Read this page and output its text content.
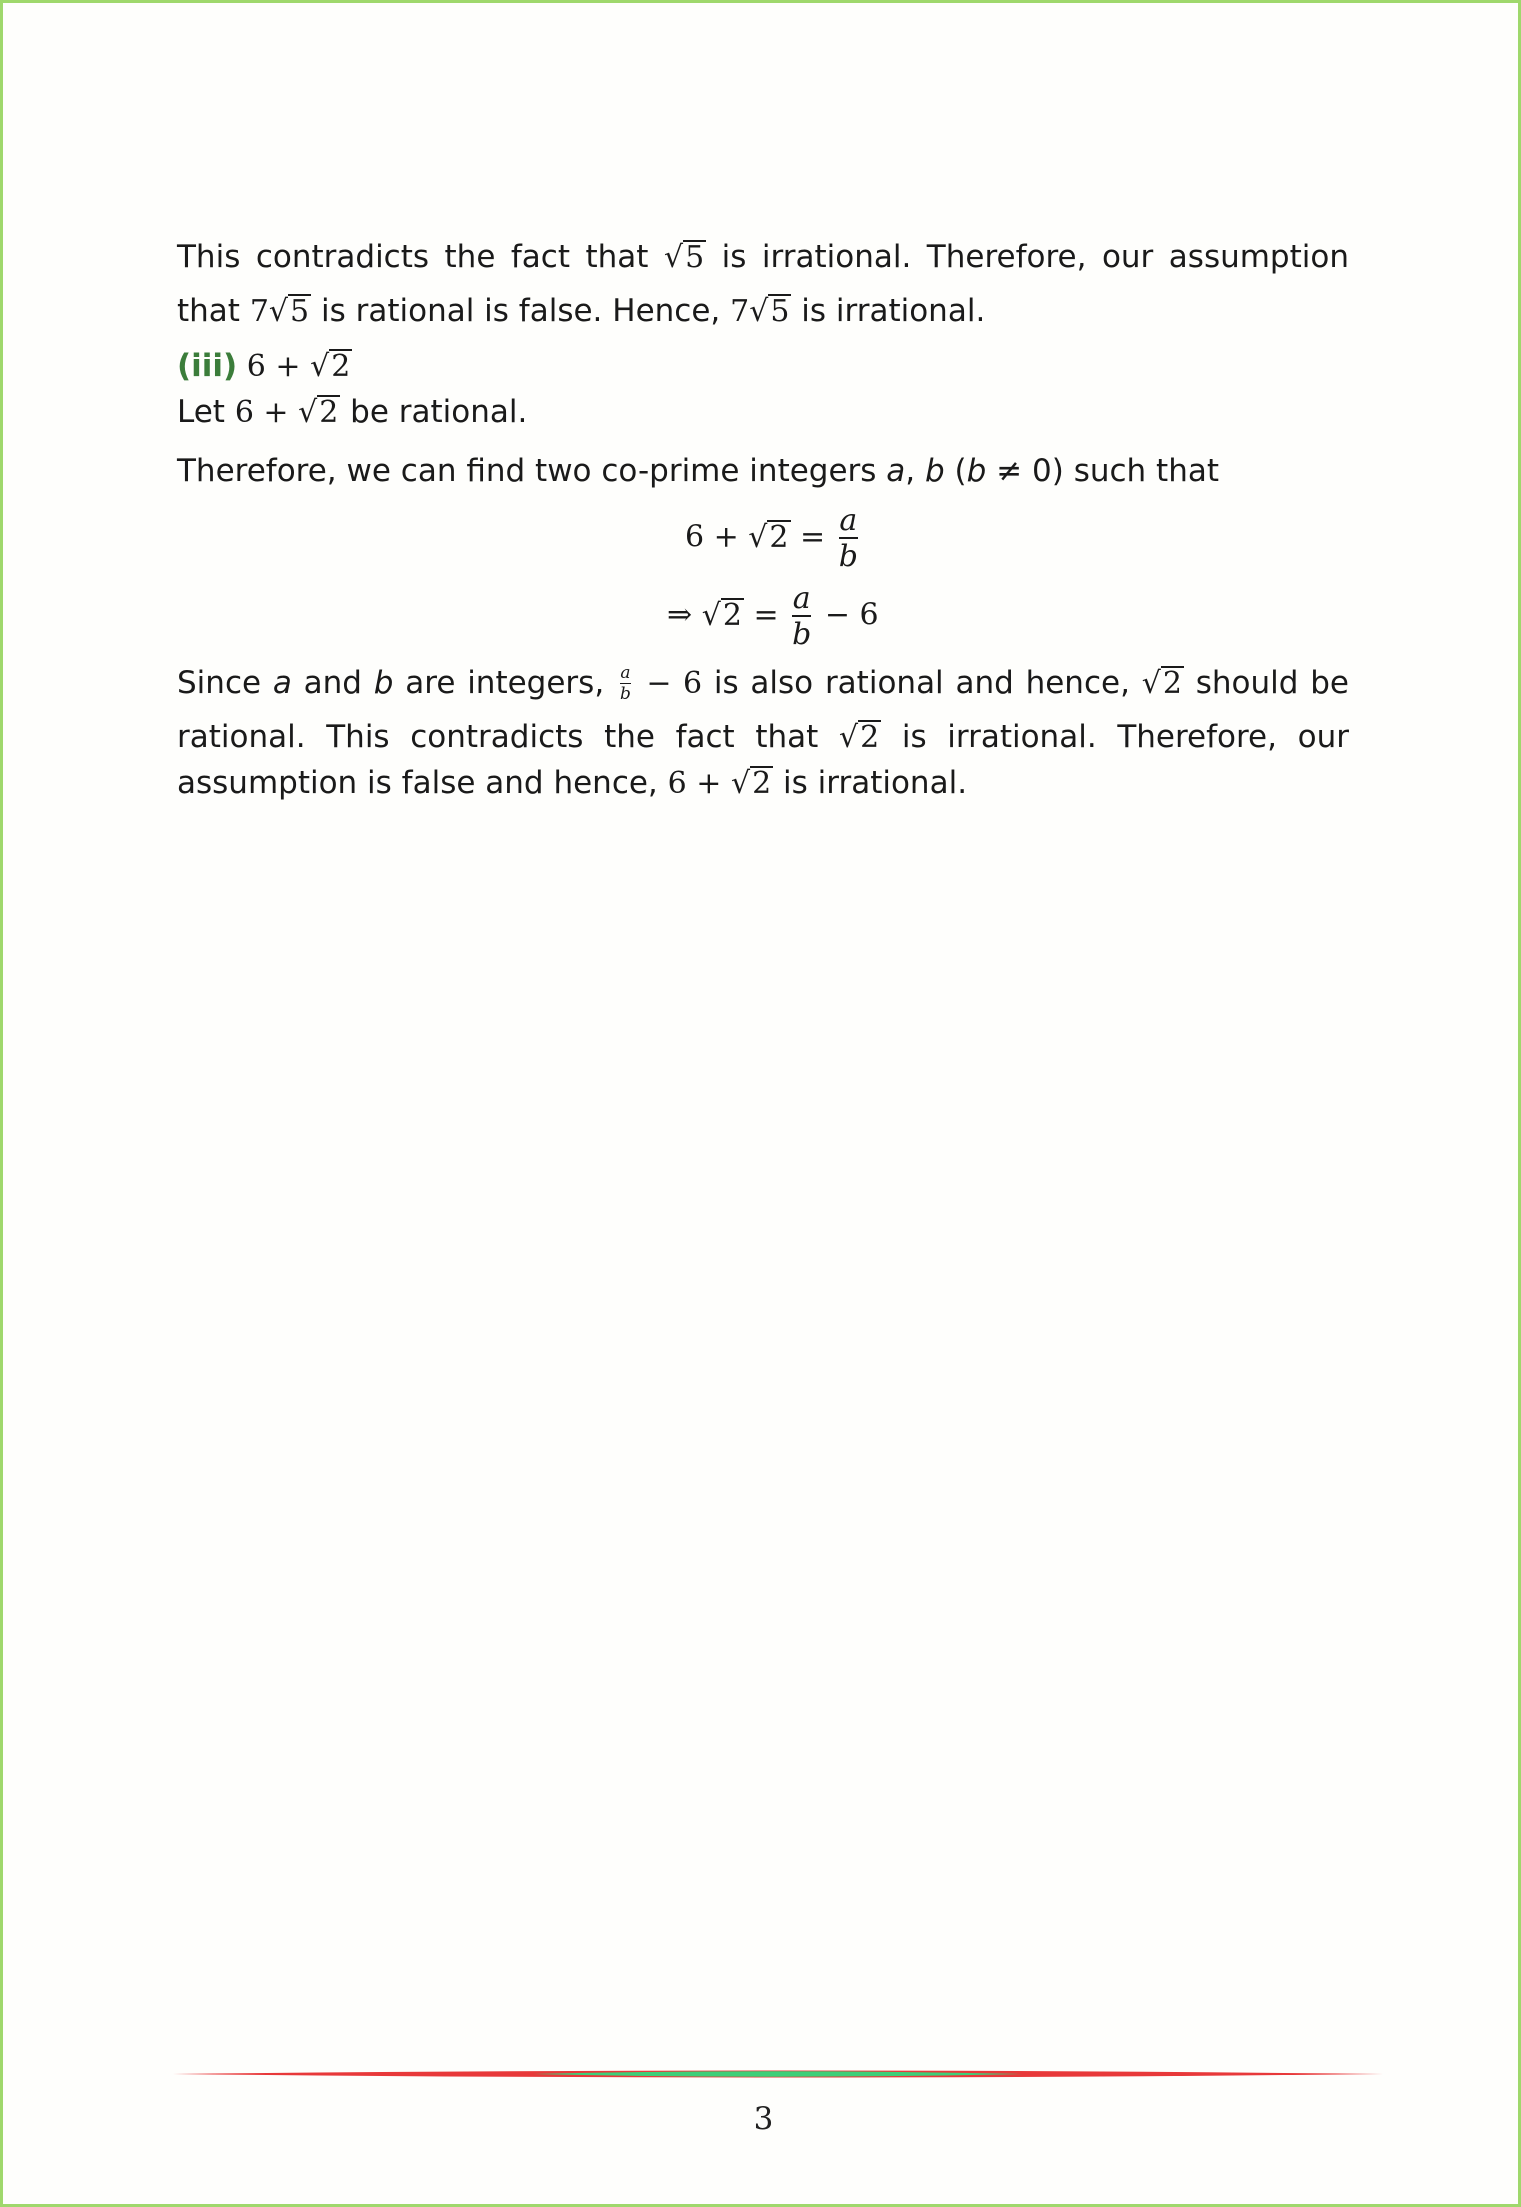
This contradicts the fact that √5 is irrational. Therefore, our assumption
that 7√5 is rational is false. Hence, 7√5 is irrational.
(iii) 6 + √2
Let 6 + √2 be rational.
Therefore, we can find two co-prime integers a, b (b ≠ 0) such that
$6 + √2 = \frac{a}{b}$
⇒ $√2 = \frac{a}{b} - 6$
Since a and b are integers, $\frac{a}{b} - 6$ is also rational and hence, √2 should be
rational. This contradicts the fact that √2 is irrational. Therefore, our
assumption is false and hence, 6 + √2 is irrational.
3
